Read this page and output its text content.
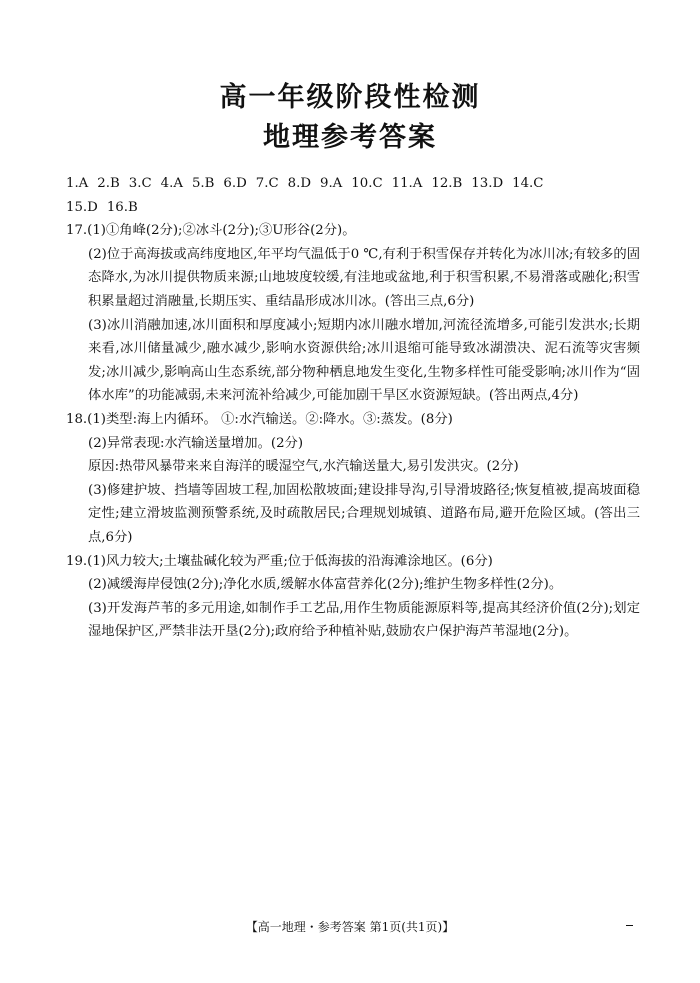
高一年级阶段性检测
地理参考答案
1.A 2.B 3.C 4.A 5.B 6.D 7.C 8.D 9.A 10.C 11.A 12.B 13.D 14.C
15.D 16.B

17.(1)①角峰(2分);②冰斗(2分);③U形谷(2分)。

(2)位于高海拔或高纬度地区,年平均气温低于0 ℃,有利于积雪保存并转化为冰川冰;有较多的固态降水,为冰川提供物质来源;山地坡度较缓,有洼地或盆地,利于积雪积累,不易滑落或融化;积雪积累量超过消融量,长期压实、重结晶形成冰川冰。(答出三点,6分)

(3)冰川消融加速,冰川面积和厚度减小;短期内冰川融水增加,河流径流增多,可能引发洪水;长期来看,冰川储量减少,融水减少,影响水资源供给;冰川退缩可能导致冰湖溃决、泥石流等灾害频发;冰川减少,影响高山生态系统,部分物种栖息地发生变化,生物多样性可能受影响;冰川作为“固体水库”的功能减弱,未来河流补给减少,可能加剧干旱区水资源短缺。(答出两点,4分)

18.(1)类型:海上内循环。 ①:水汽输送。②:降水。③:蒸发。(8分)

(2)异常表现:水汽输送量增加。(2分)

原因:热带风暴带来来自海洋的暖湿空气,水汽输送量大,易引发洪灾。(2分)

(3)修建护坡、挡墙等固坡工程,加固松散坡面;建设排导沟,引导滑坡路径;恢复植被,提高坡面稳定性;建立滑坡监测预警系统,及时疏散居民;合理规划城镇、道路布局,避开危险区域。(答出三点,6分)

19.(1)风力较大;土壤盐碱化较为严重;位于低海拔的沿海滩涂地区。(6分)

(2)减缓海岸侵蚀(2分);净化水质,缓解水体富营养化(2分);维护生物多样性(2分)。

(3)开发海芦苇的多元用途,如制作手工艺品,用作生物质能源原料等,提高其经济价值(2分);划定湿地保护区,严禁非法开垦(2分);政府给予种植补贴,鼓励农户保护海芦苇湿地(2分)。

【高一地理・参考答案 第1页(共1页)】
